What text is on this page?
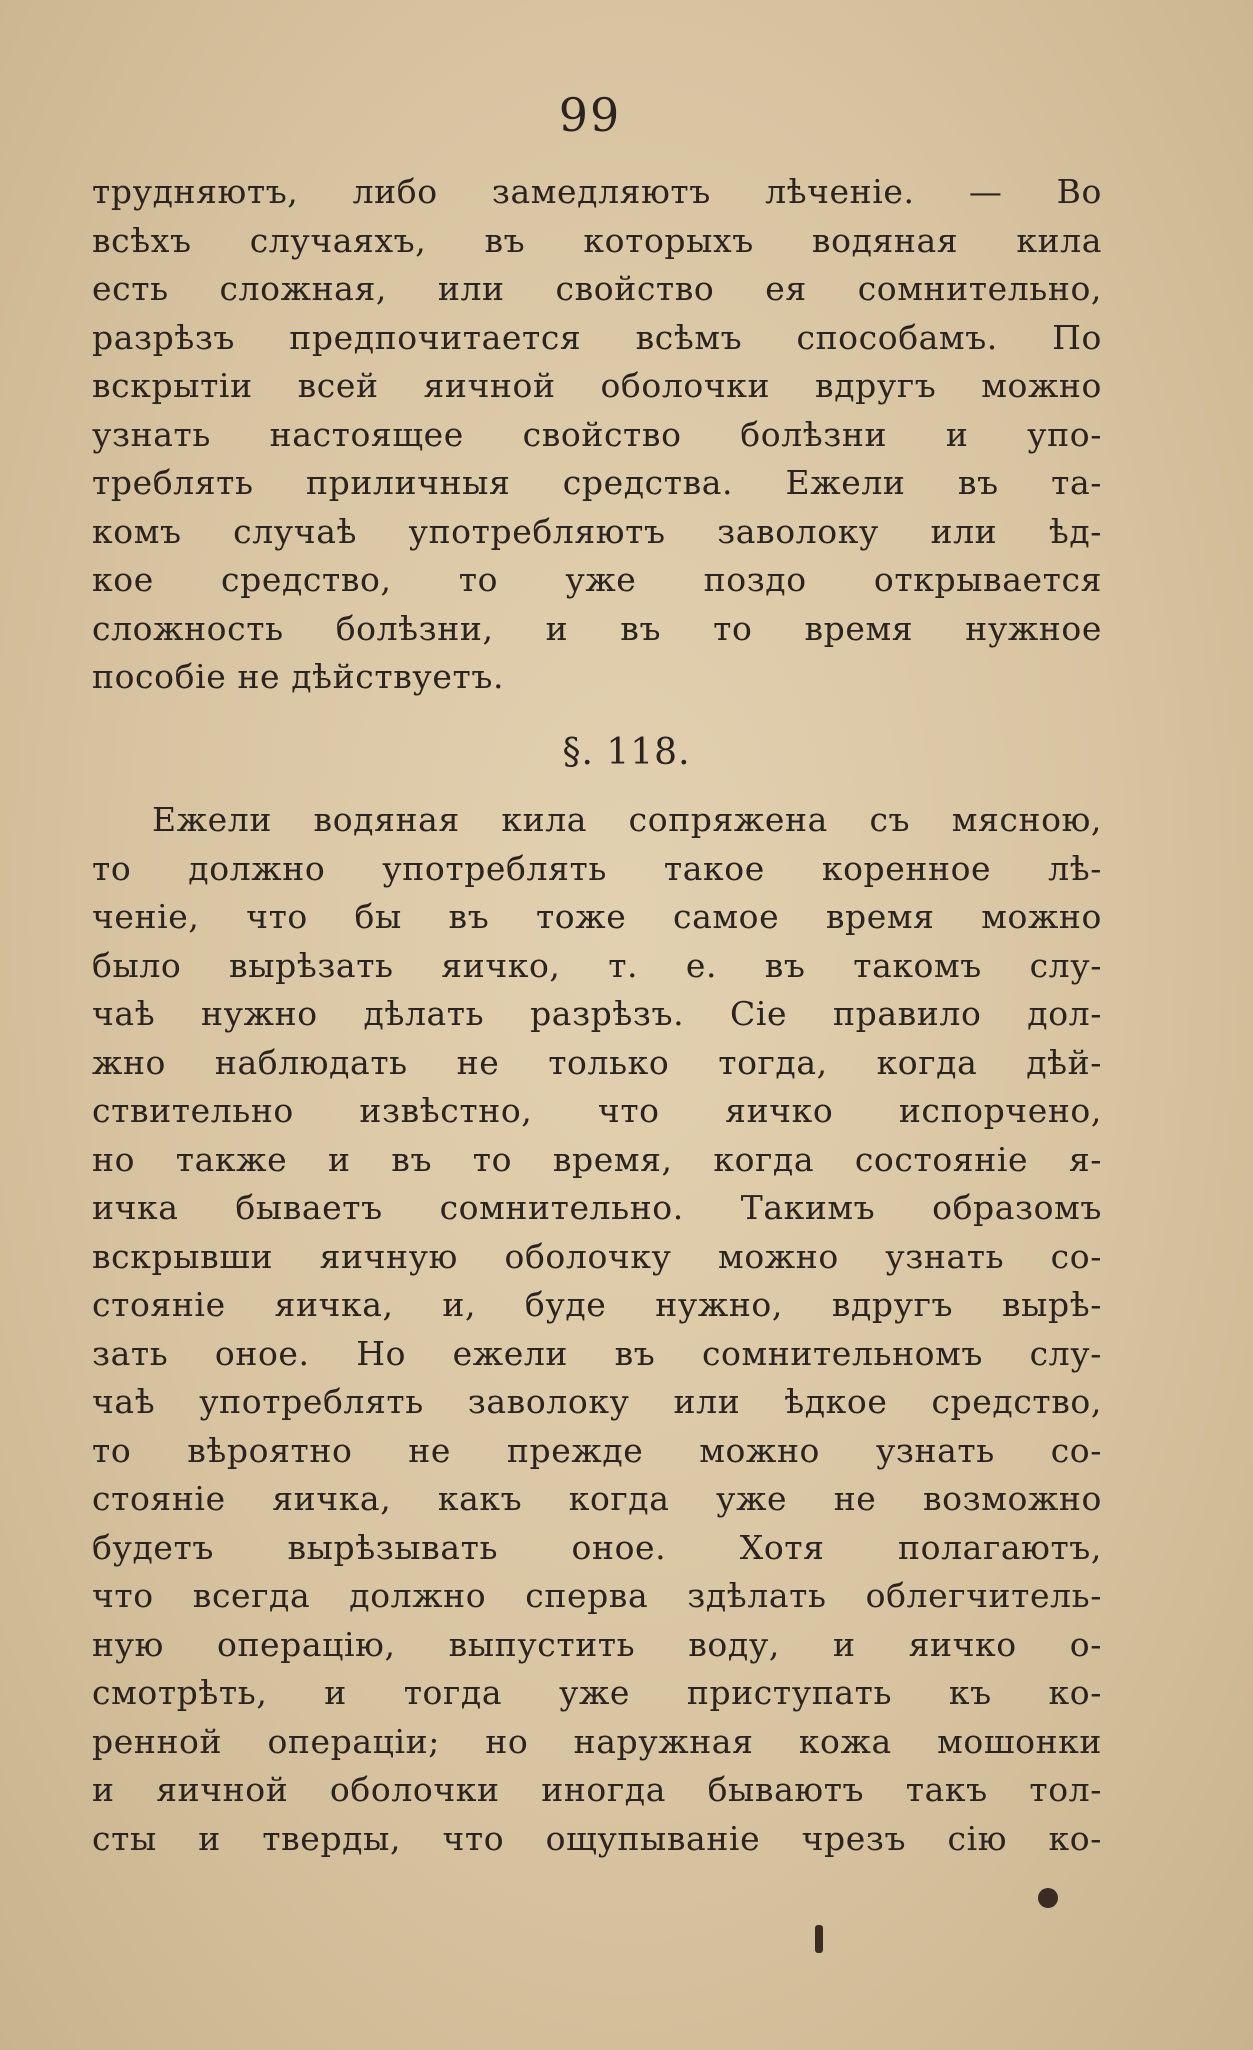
99
трудняютъ, либо замедляютъ лѣченіе. — Во
всѣхъ случаяхъ, въ которыхъ водяная кила
есть сложная, или свойство ея сомнительно,
разрѣзъ предпочитается всѣмъ способамъ. По
вскрытіи всей яичной оболочки вдругъ можно
узнать настоящее свойство болѣзни и упо-
треблять приличныя средства. Ежели въ та-
комъ случаѣ употребляютъ заволоку или ѣд-
кое средство, то уже поздо открывается
сложность болѣзни, и въ то время нужное
пособіе не дѣйствуетъ.
§. 118.
Ежели водяная кила сопряжена съ мясною,
то должно употреблять такое коренное лѣ-
ченіе, что бы въ тоже самое время можно
было вырѣзать яичко, т. е. въ такомъ слу-
чаѣ нужно дѣлать разрѣзъ. Сіе правило дол-
жно наблюдать не только тогда, когда дѣй-
ствительно извѣстно, что яичко испорчено,
но также и въ то время, когда состояніе я-
ичка бываетъ сомнительно. Такимъ образомъ
вскрывши яичную оболочку можно узнать со-
стояніе яичка, и, буде нужно, вдругъ вырѣ-
зать оное. Но ежели въ сомнительномъ слу-
чаѣ употреблять заволоку или ѣдкое средство,
то вѣроятно не прежде можно узнать со-
стояніе яичка, какъ когда уже не возможно
будетъ вырѣзывать оное. Хотя полагаютъ,
что всегда должно сперва здѣлать облегчитель-
ную операцію, выпустить воду, и яичко о-
смотрѣть, и тогда уже приступать къ ко-
ренной операціи; но наружная кожа мошонки
и яичной оболочки иногда бываютъ такъ тол-
сты и тверды, что ощупываніе чрезъ сію ко-
